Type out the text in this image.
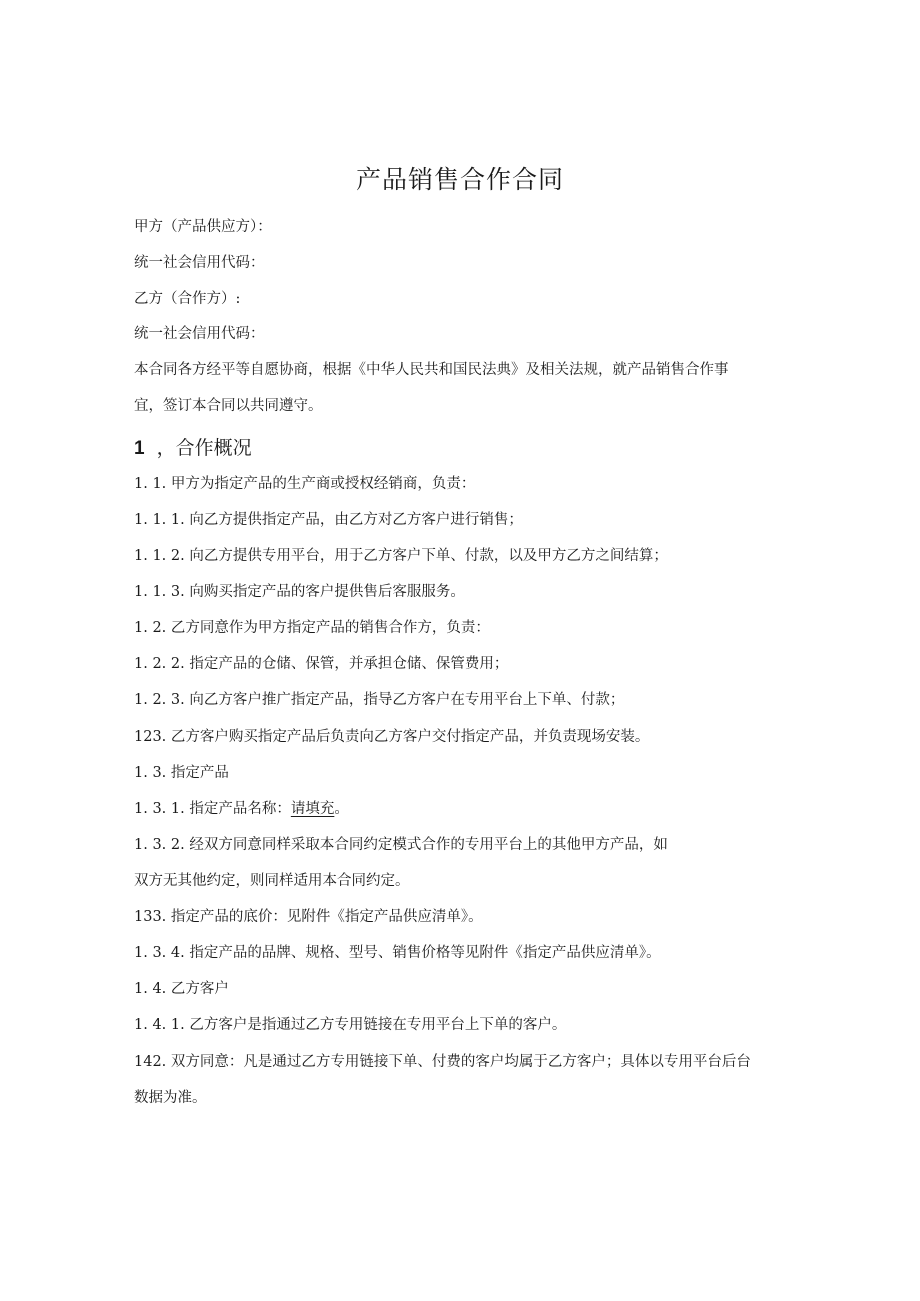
产品销售合作合同

甲方（产品供应方）：

统一社会信用代码：

乙方（合作方）:

统一社会信用代码：

本合同各方经平等自愿协商，根据《中华人民共和国民法典》及相关法规，就产品销售合作事

宜，签订本合同以共同遵守。

1 ，合作概况

1. 1. 甲方为指定产品的生产商或授权经销商，负责：

1. 1. 1. 向乙方提供指定产品，由乙方对乙方客户进行销售；

1. 1. 2. 向乙方提供专用平台，用于乙方客户下单、付款，以及甲方乙方之间结算；

1. 1. 3. 向购买指定产品的客户提供售后客服服务。

1. 2. 乙方同意作为甲方指定产品的销售合作方，负责：

1. 2. 2. 指定产品的仓储、保管，并承担仓储、保管费用；

1. 2. 3. 向乙方客户推广指定产品，指导乙方客户在专用平台上下单、付款；

123. 乙方客户购买指定产品后负责向乙方客户交付指定产品，并负责现场安装。

1. 3. 指定产品

1. 3. 1. 指定产品名称：请填充。

1. 3. 2. 经双方同意同样采取本合同约定模式合作的专用平台上的其他甲方产品，如

双方无其他约定，则同样适用本合同约定。

133. 指定产品的底价：见附件《指定产品供应清单》。

1. 3. 4. 指定产品的品牌、规格、型号、销售价格等见附件《指定产品供应清单》。

1. 4. 乙方客户

1. 4. 1. 乙方客户是指通过乙方专用链接在专用平台上下单的客户。

142. 双方同意：凡是通过乙方专用链接下单、付费的客户均属于乙方客户；具体以专用平台后台

数据为准。
